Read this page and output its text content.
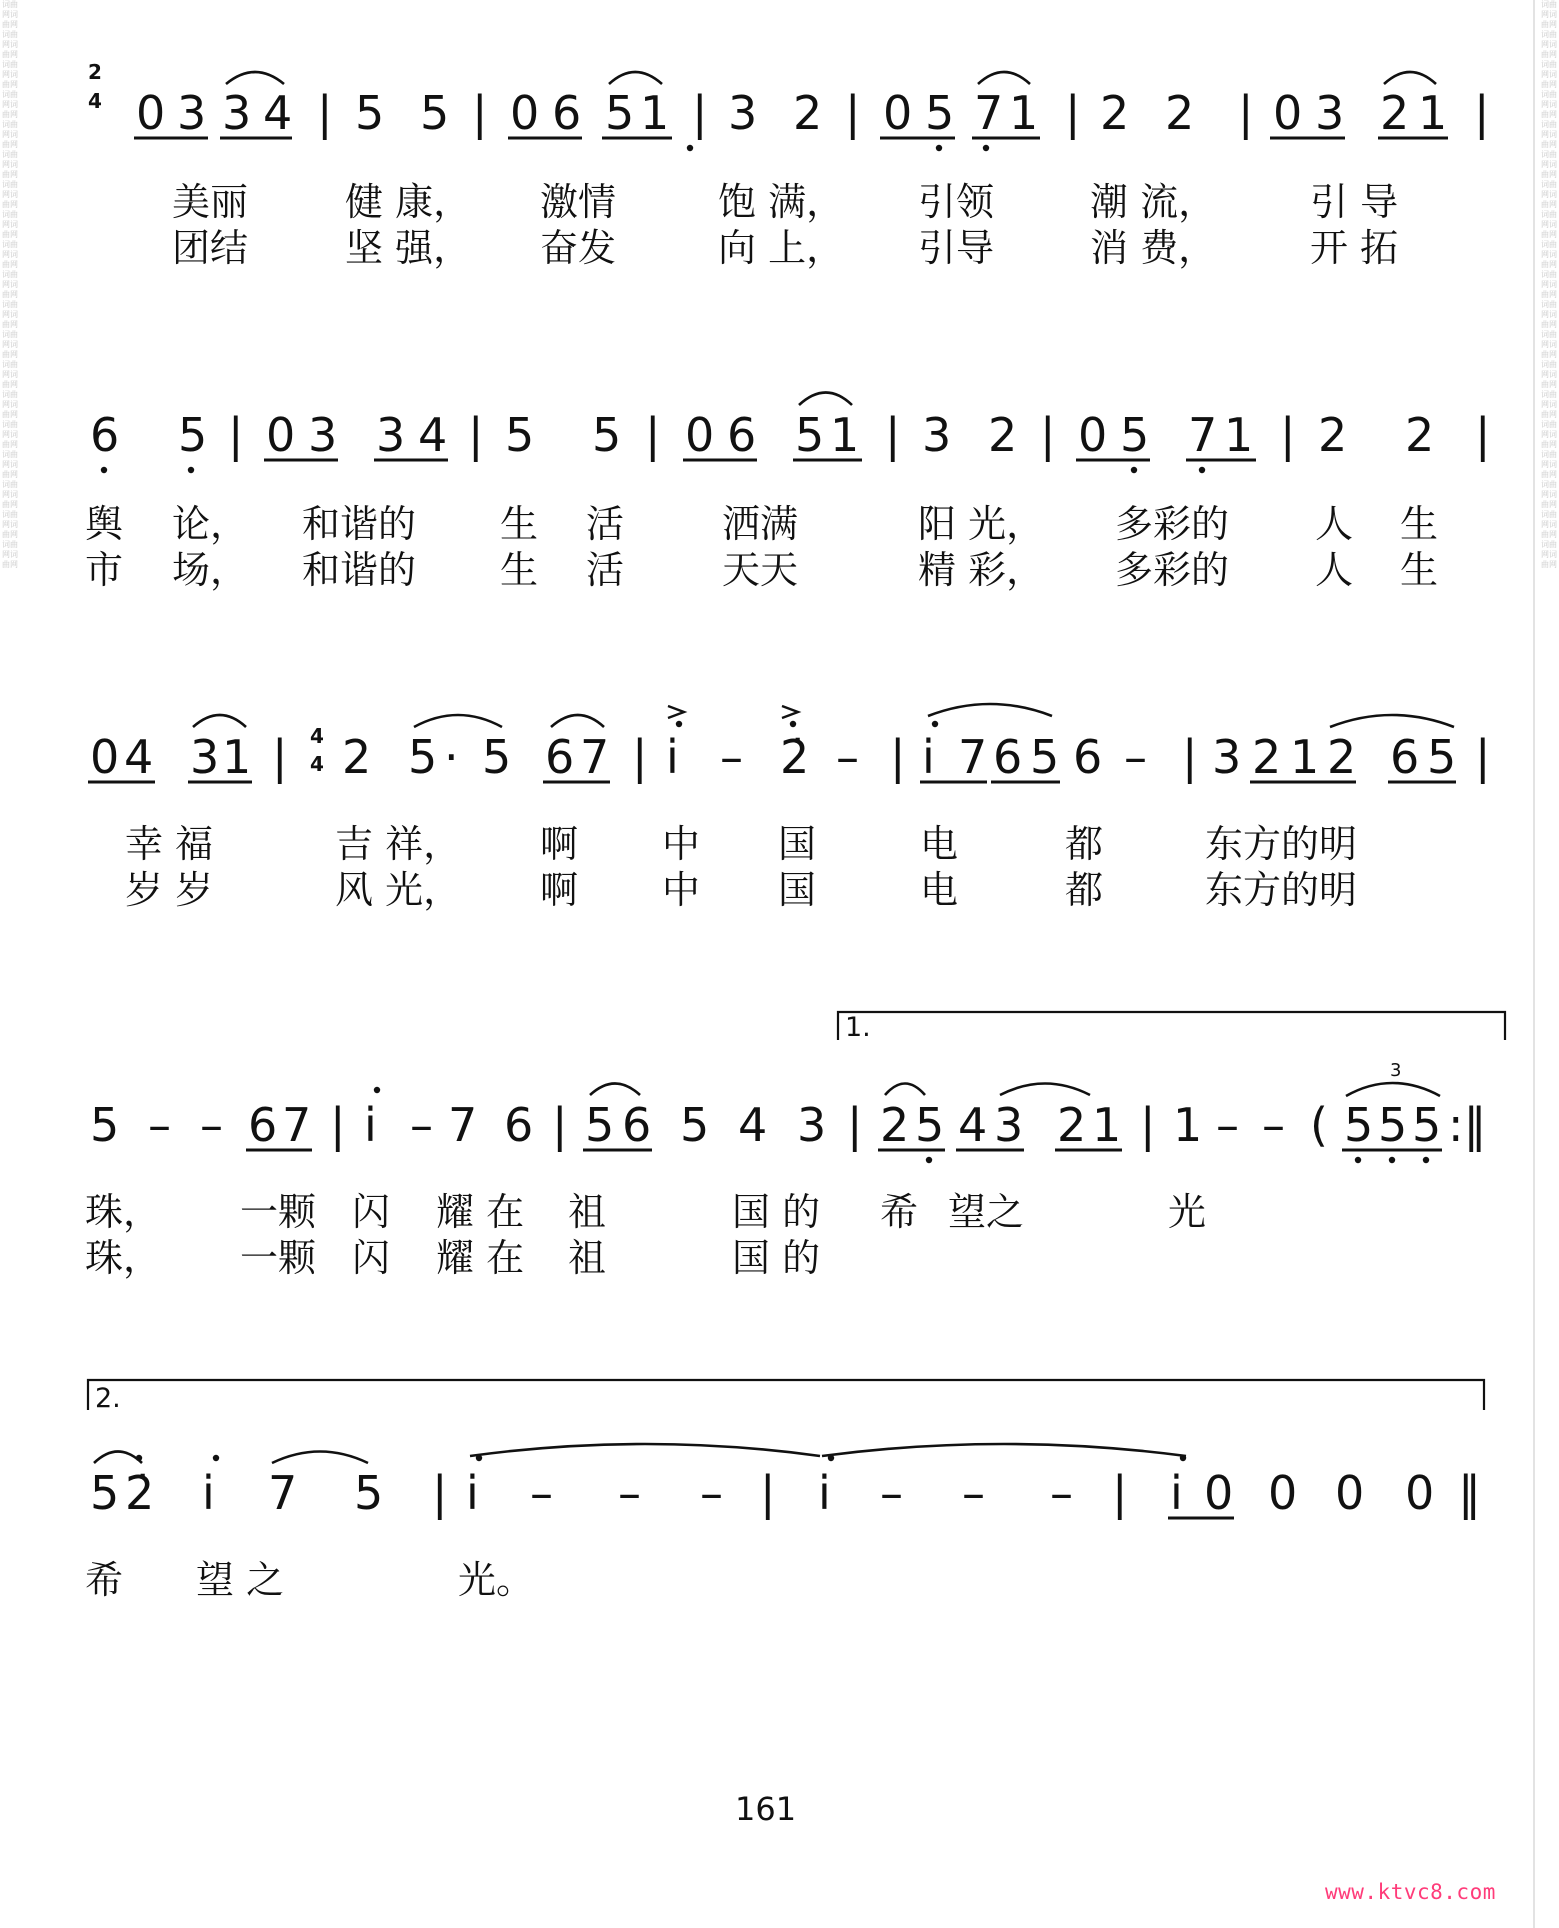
词曲网词曲网词曲网词曲网词曲网词曲网词曲网词曲网词曲网词曲网词曲网词曲网词曲网词曲网词曲网词曲网词曲网词曲网词曲网词曲网词曲网词曲网词曲网词曲网词曲网词曲网词曲网词曲网词曲网词曲网词曲网词曲网词曲网词曲网词曲网词曲网词曲网词曲网
词曲网词曲网词曲网词曲网词曲网词曲网词曲网词曲网词曲网词曲网词曲网词曲网词曲网词曲网词曲网词曲网词曲网词曲网词曲网词曲网词曲网词曲网词曲网词曲网词曲网词曲网词曲网词曲网词曲网词曲网词曲网词曲网词曲网词曲网词曲网词曲网词曲网词曲网
2
4 0 3 3 4 | 5 5 | 0 6 5 1 | 3 2 | 0 5 7 1 | 2 2 | 0 3 2 1 |
美丽	健 康， 激情	饱 满， 引领	潮 流， 引 导
团结	坚 强， 奋发	向 上， 引导	消 费， 开 拓
6 5 | 0 3 3 4 | 5 5 | 0 6 5 1 | 3 2 | 0 5 7 1 | 2 2 |
舆 论， 和谐的 生 活	洒满	阳 光， 多彩的 人 生
市 场， 和谐的 生 活	天天	精 彩， 多彩的 人 生
0 4 3 1 | 4
4 2 5 · 5 6 7 | i – 2̇ – | i 7 6 5 6 – | 3 2 1 2 6 5 |
幸 福	吉 祥， 啊 中 国	电	都	东方的明
岁 岁	风 光， 啊 中 国	电	都	东方的明
1.
5 – – 6 7 | i – 7 6 | 5 6 5 4 3 | 2 5 4 3 2 1 | 1 – – ( 5 5 5 :‖
3
珠， 一颗 闪 耀 在 祖	国 的 希 望之	光
珠， 一颗 闪 耀 在 祖	国 的
2.
5 2̇ i 7 5 | i – – – | i – – – | i 0 0 0 0 ‖
希 望 之	光。
161
www.ktvc8.com
